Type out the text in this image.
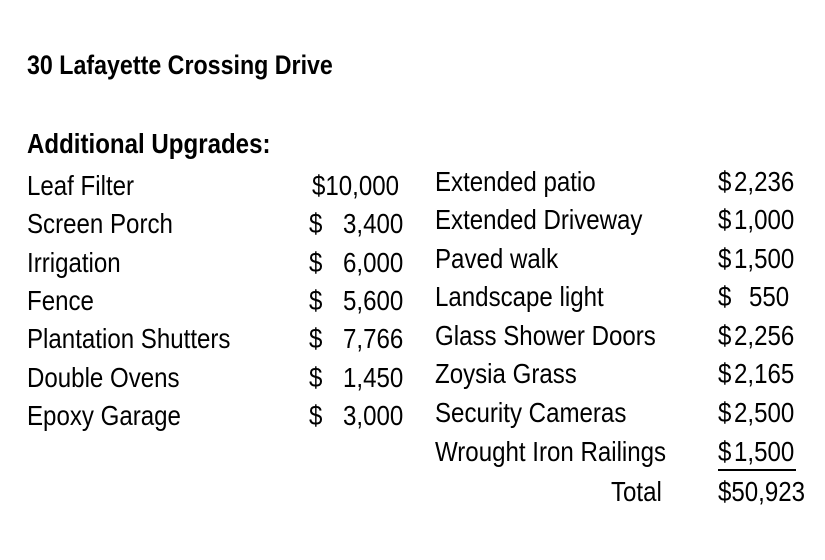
30 Lafayette Crossing Drive
Additional Upgrades:
Leaf Filter	$10,000
Screen Porch	$ 3,400
Irrigation	$ 6,000
Fence	$ 5,600
Plantation Shutters	$ 7,766
Double Ovens	$ 1,450
Epoxy Garage	$ 3,000
Extended patio	$ 2,236
Extended Driveway	$ 1,000
Paved walk	$ 1,500
Landscape light	$ 550
Glass Shower Doors $ 2,256
Zoysia Grass	$ 2,165
Security Cameras	$ 2,500
Wrought Iron Railings $ 1,500
Total $50,923
